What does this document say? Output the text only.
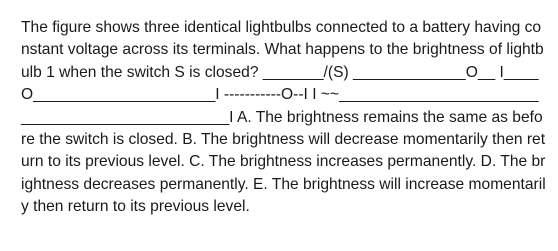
The figure shows three identical lightbulbs connected to a battery having constant voltage across its terminals. What happens to the brightness of lightbulb 1 when the switch S is closed? _______/(S) _____________O__ I____O_____________________I -----------O--I I ~~_______________________________________________I A. The brightness remains the same as before the switch is closed. B. The brightness will decrease momentarily then return to its previous level. C. The brightness increases permanently. D. The brightness decreases permanently. E. The brightness will increase momentarily then return to its previous level.
